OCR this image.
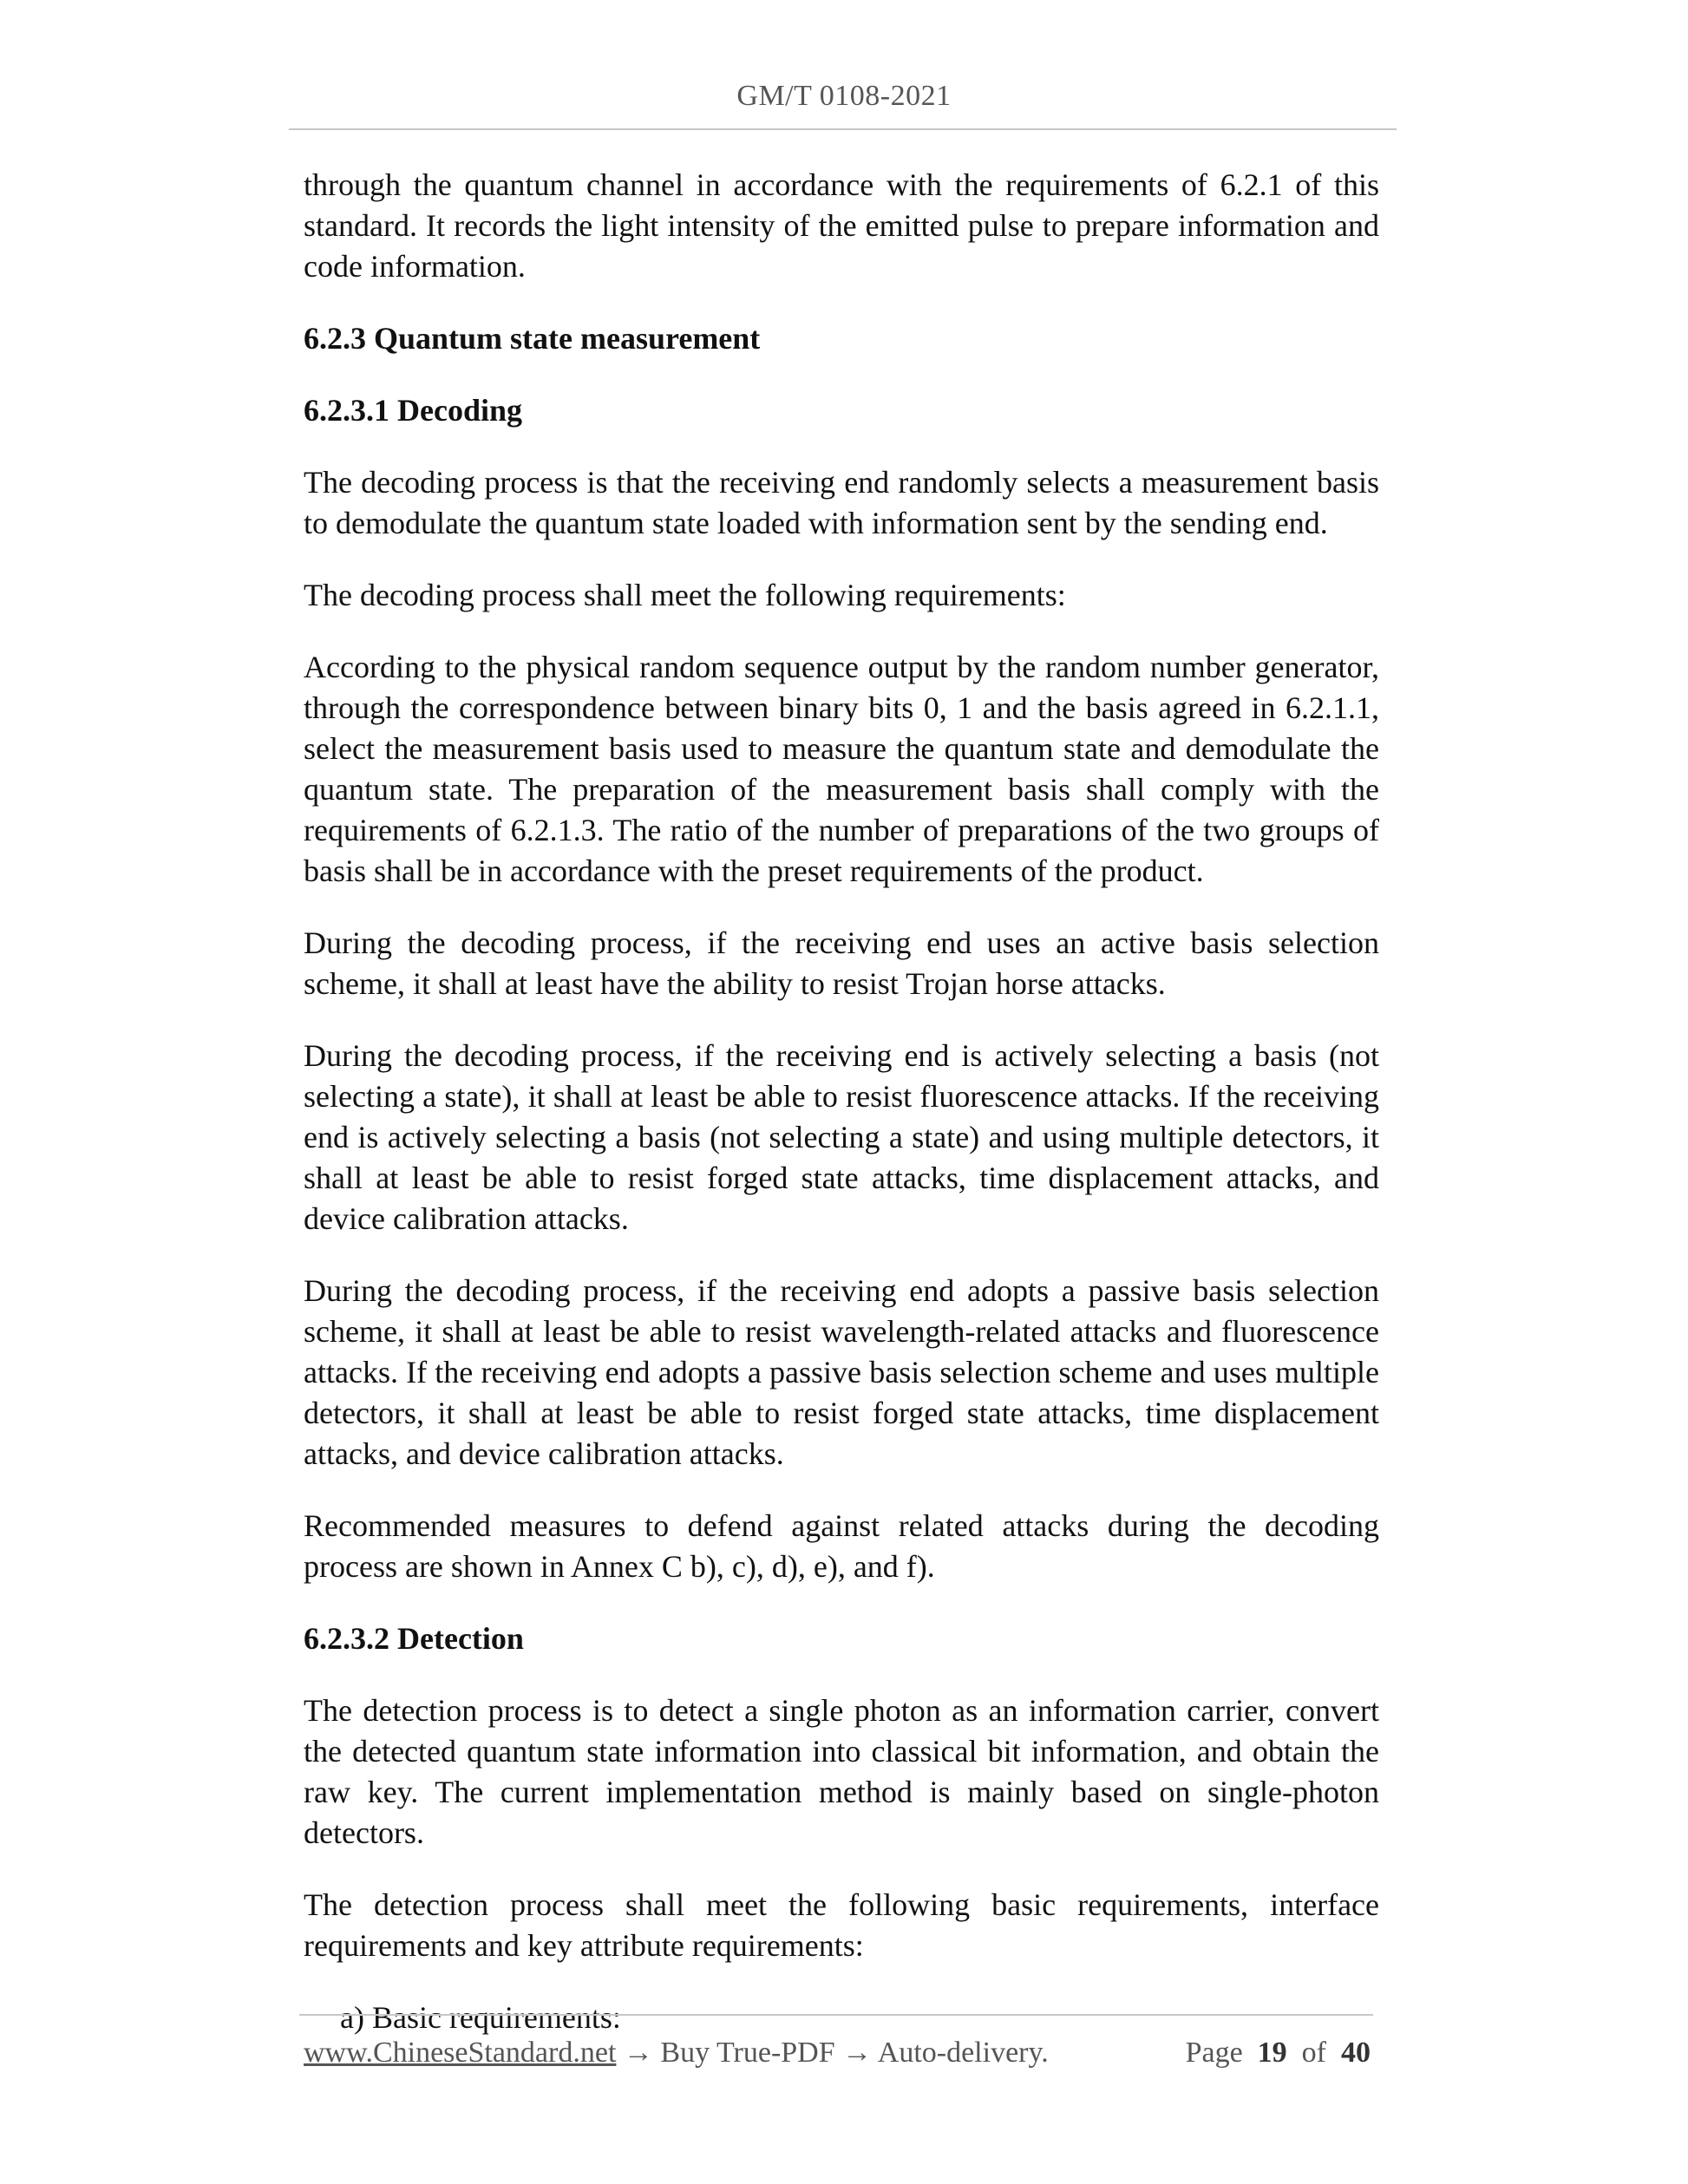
GM/T 0108-2021

through the quantum channel in accordance with the requirements of 6.2.1 of this standard. It records the light intensity of the emitted pulse to prepare information and code information.

6.2.3 Quantum state measurement
6.2.3.1 Decoding

The decoding process is that the receiving end randomly selects a measurement basis to demodulate the quantum state loaded with information sent by the sending end.

The decoding process shall meet the following requirements:

According to the physical random sequence output by the random number generator, through the correspondence between binary bits 0, 1 and the basis agreed in 6.2.1.1, select the measurement basis used to measure the quantum state and demodulate the quantum state. The preparation of the measurement basis shall comply with the requirements of 6.2.1.3. The ratio of the number of preparations of the two groups of basis shall be in accordance with the preset requirements of the product.

During the decoding process, if the receiving end uses an active basis selection scheme, it shall at least have the ability to resist Trojan horse attacks.

During the decoding process, if the receiving end is actively selecting a basis (not selecting a state), it shall at least be able to resist fluorescence attacks. If the receiving end is actively selecting a basis (not selecting a state) and using multiple detectors, it shall at least be able to resist forged state attacks, time displacement attacks, and device calibration attacks.

During the decoding process, if the receiving end adopts a passive basis selection scheme, it shall at least be able to resist wavelength-related attacks and fluorescence attacks. If the receiving end adopts a passive basis selection scheme and uses multiple detectors, it shall at least be able to resist forged state attacks, time displacement attacks, and device calibration attacks.

Recommended measures to defend against related attacks during the decoding process are shown in Annex C b), c), d), e), and f).

6.2.3.2 Detection

The detection process is to detect a single photon as an information carrier, convert the detected quantum state information into classical bit information, and obtain the raw key. The current implementation method is mainly based on single-photon detectors.

The detection process shall meet the following basic requirements, interface requirements and key attribute requirements:

a) Basic requirements:

www.ChineseStandard.net → Buy True-PDF → Auto-delivery.	Page 19 of 40
